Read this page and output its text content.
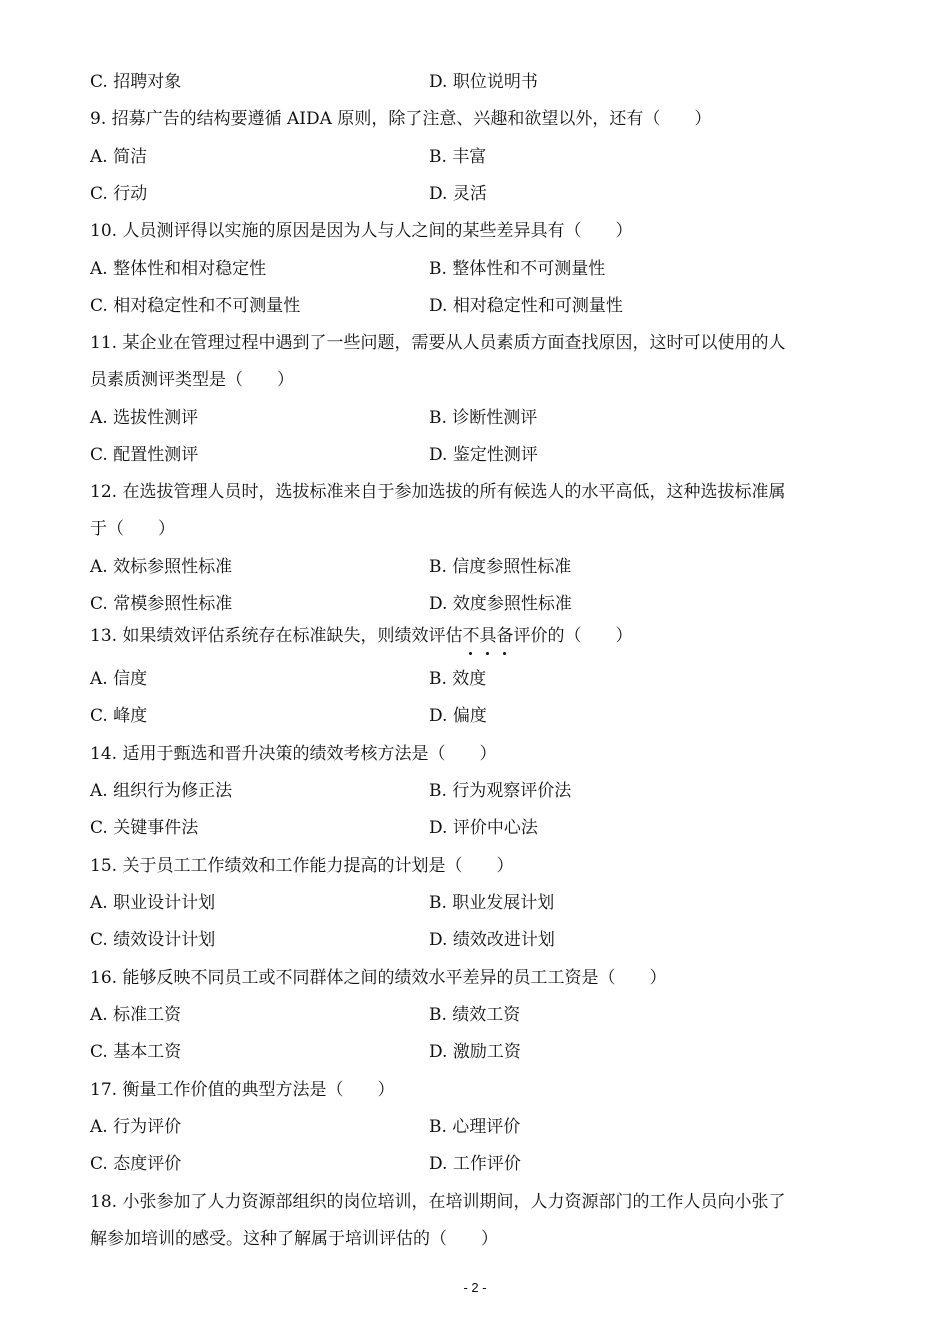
C. 招聘对象	D. 职位说明书
9. 招募广告的结构要遵循 AIDA 原则，除了注意、兴趣和欲望以外，还有（　　）
A. 简洁	B. 丰富
C. 行动	D. 灵活
10. 人员测评得以实施的原因是因为人与人之间的某些差异具有（　　）
A. 整体性和相对稳定性	B. 整体性和不可测量性
C. 相对稳定性和不可测量性	D. 相对稳定性和可测量性
11. 某企业在管理过程中遇到了一些问题，需要从人员素质方面查找原因，这时可以使用的人
员素质测评类型是（　　）
A. 选拔性测评	B. 诊断性测评
C. 配置性测评	D. 鉴定性测评
12. 在选拔管理人员时，选拔标准来自于参加选拔的所有候选人的水平高低，这种选拔标准属
于（　　）
A. 效标参照性标准	B. 信度参照性标准
C. 常模参照性标准	D. 效度参照性标准
13. 如果绩效评估系统存在标准缺失，则绩效评估不
具
备
评价的（　　）
A. 信度	B. 效度
C. 峰度	D. 偏度
14. 适用于甄选和晋升决策的绩效考核方法是（　　）
A. 组织行为修正法	B. 行为观察评价法
C. 关键事件法	D. 评价中心法
15. 关于员工工作绩效和工作能力提高的计划是（　　）
A. 职业设计计划	B. 职业发展计划
C. 绩效设计计划	D. 绩效改进计划
16. 能够反映不同员工或不同群体之间的绩效水平差异的员工工资是（　　）
A. 标准工资	B. 绩效工资
C. 基本工资	D. 激励工资
17. 衡量工作价值的典型方法是（　　）
A. 行为评价	B. 心理评价
C. 态度评价	D. 工作评价
18. 小张参加了人力资源部组织的岗位培训，在培训期间，人力资源部门的工作人员向小张了
解参加培训的感受。这种了解属于培训评估的（　　）
- 2 -
